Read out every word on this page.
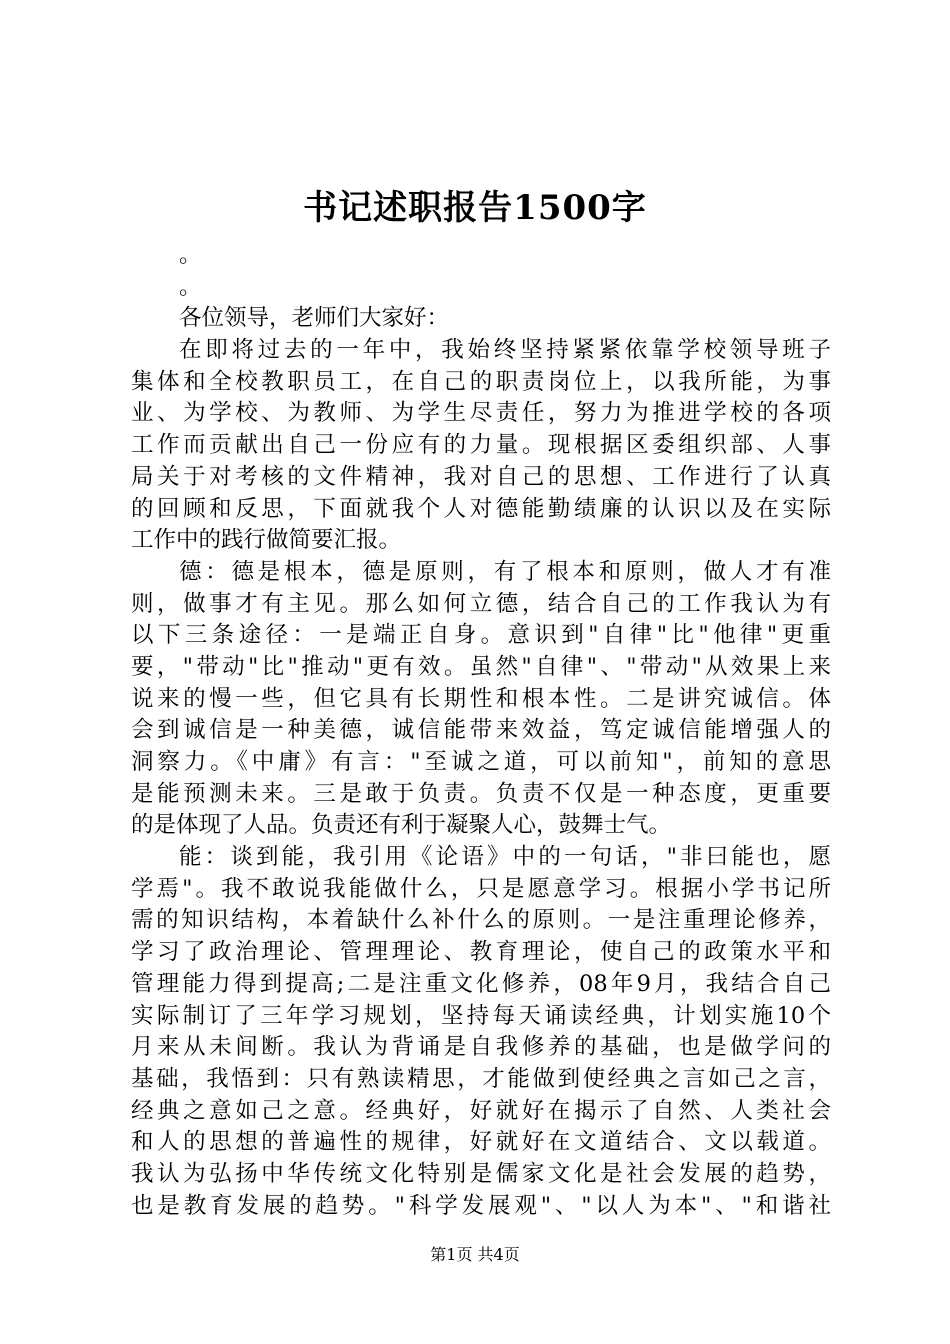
书记述职报告1500字
。
。
各位领导，老师们大家好：
在即将过去的一年中，我始终坚持紧紧依靠学校领导班子
集体和全校教职员工，在自己的职责岗位上，以我所能，为事
业、为学校、为教师、为学生尽责任，努力为推进学校的各项
工作而贡献出自己一份应有的力量。现根据区委组织部、人事
局关于对考核的文件精神，我对自己的思想、工作进行了认真
的回顾和反思，下面就我个人对德能勤绩廉的认识以及在实际
工作中的践行做简要汇报。
德：德是根本，德是原则，有了根本和原则，做人才有准
则，做事才有主见。那么如何立德，结合自己的工作我认为有
以下三条途径：一是端正自身。意识到"自律"比"他律"更重
要，"带动"比"推动"更有效。虽然"自律"、"带动"从效果上来
说来的慢一些，但它具有长期性和根本性。二是讲究诚信。体
会到诚信是一种美德，诚信能带来效益，笃定诚信能增强人的
洞察力。《中庸》有言："至诚之道，可以前知"，前知的意思
是能预测未来。三是敢于负责。负责不仅是一种态度，更重要
的是体现了人品。负责还有利于凝聚人心，鼓舞士气。
能：谈到能，我引用《论语》中的一句话，"非曰能也，愿
学焉"。我不敢说我能做什么，只是愿意学习。根据小学书记所
需的知识结构，本着缺什么补什么的原则。一是注重理论修养，
学习了政治理论、管理理论、教育理论，使自己的政策水平和
管理能力得到提高;二是注重文化修养，08年9月，我结合自己
实际制订了三年学习规划，坚持每天诵读经典，计划实施10个
月来从未间断。我认为背诵是自我修养的基础，也是做学问的
基础，我悟到：只有熟读精思，才能做到使经典之言如己之言，
经典之意如己之意。经典好，好就好在揭示了自然、人类社会
和人的思想的普遍性的规律，好就好在文道结合、文以载道。
我认为弘扬中华传统文化特别是儒家文化是社会发展的趋势，
也是教育发展的趋势。"科学发展观"、"以人为本"、"和谐社
第1页 共4页
